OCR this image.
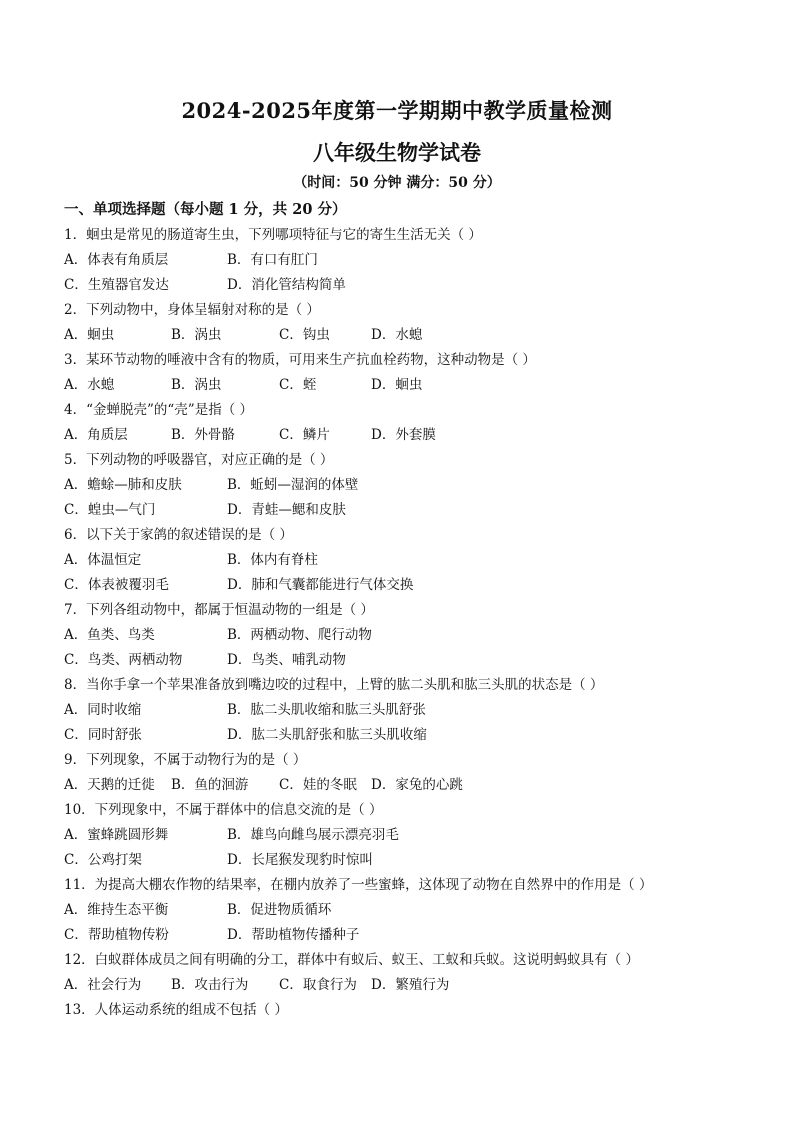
2024-2025年度第一学期期中教学质量检测
八年级生物学试卷
（时间：50 分钟 满分：50 分）
一、单项选择题（每小题 1 分，共 20 分）
1．蛔虫是常见的肠道寄生虫，下列哪项特征与它的寄生生活无关（ ）
A．体表有角质层	B．有口有肛门
C．生殖器官发达	D．消化管结构简单
2．下列动物中，身体呈辐射对称的是（ ）
A．蛔虫	B．涡虫	C．钩虫	D．水螅
3．某环节动物的唾液中含有的物质，可用来生产抗血栓药物，这种动物是（ ）
A．水螅	B．涡虫	C．蛭	D．蛔虫
4．“金蝉脱壳”的“壳”是指（ ）
A．角质层	B．外骨骼	C．鳞片	D．外套膜
5．下列动物的呼吸器官，对应正确的是（ ）
A．蟾蜍—肺和皮肤	B．蚯蚓—湿润的体壁
C．蝗虫—气门	D．青蛙—鳃和皮肤
6．以下关于家鸽的叙述错误的是（ ）
A．体温恒定	B．体内有脊柱
C．体表被覆羽毛	D．肺和气囊都能进行气体交换
7．下列各组动物中，都属于恒温动物的一组是（ ）
A．鱼类、鸟类	B．两栖动物、爬行动物
C．鸟类、两栖动物	D．鸟类、哺乳动物
8．当你手拿一个苹果准备放到嘴边咬的过程中，上臂的肱二头肌和肱三头肌的状态是（ ）
A．同时收缩	B．肱二头肌收缩和肱三头肌舒张
C．同时舒张	D．肱二头肌舒张和肱三头肌收缩
9．下列现象，不属于动物行为的是（ ）
A．天鹅的迁徙	B．鱼的洄游	C．娃的冬眠	D．家兔的心跳
10．下列现象中，不属于群体中的信息交流的是（ ）
A．蜜蜂跳圆形舞	B．雄鸟向雌鸟展示漂亮羽毛
C．公鸡打架	D．长尾猴发现豹时惊叫
11．为提高大棚农作物的结果率，在棚内放养了一些蜜蜂，这体现了动物在自然界中的作用是（ ）
A．维持生态平衡	B．促进物质循环
C．帮助植物传粉	D．帮助植物传播种子
12．白蚁群体成员之间有明确的分工，群体中有蚁后、蚁王、工蚁和兵蚁。这说明蚂蚁具有（ ）
A．社会行为	B．攻击行为	C．取食行为	D．繁殖行为
13．人体运动系统的组成不包括（ ）
